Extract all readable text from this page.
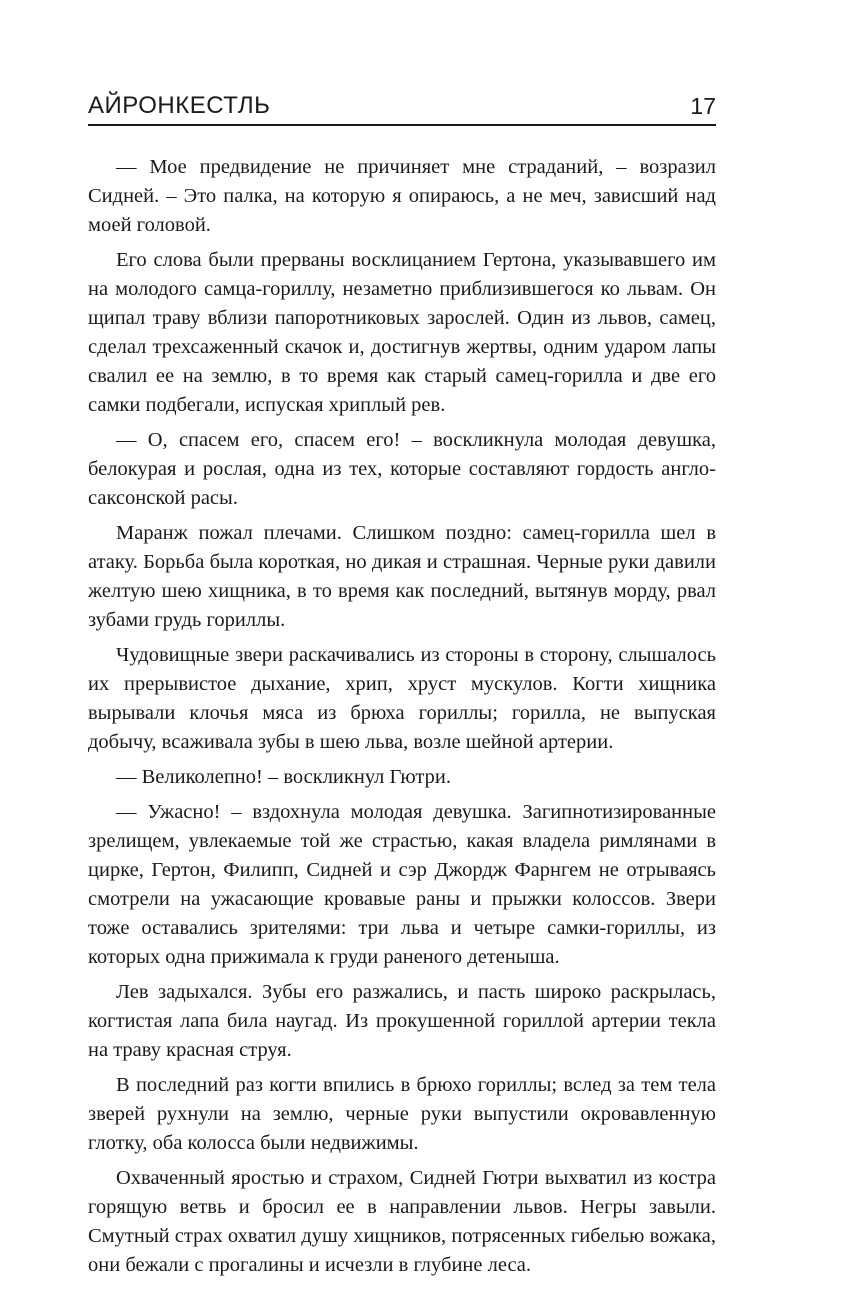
АЙРОНКЕСТЛЬ	17

— Мое предвидение не причиняет мне страданий, – возразил Сидней. – Это палка, на которую я опираюсь, а не меч, зависший над моей головой.

Его слова были прерваны восклицанием Гертона, указывавшего им на молодого самца-гориллу, незаметно приблизившегося ко львам. Он щипал траву вблизи папоротниковых зарослей. Один из львов, самец, сделал трехсаженный скачок и, достигнув жертвы, одним ударом лапы свалил ее на землю, в то время как старый самец-горилла и две его самки подбегали, испуская хриплый рев.

— О, спасем его, спасем его! – воскликнула молодая девушка, белокурая и рослая, одна из тех, которые составляют гордость англо-саксонской расы.

Маранж пожал плечами. Слишком поздно: самец-горилла шел в атаку. Борьба была короткая, но дикая и страшная. Черные руки давили желтую шею хищника, в то время как последний, вытянув морду, рвал зубами грудь гориллы.

Чудовищные звери раскачивались из стороны в сторону, слышалось их прерывистое дыхание, хрип, хруст мускулов. Когти хищника вырывали клочья мяса из брюха гориллы; горилла, не выпуская добычу, всаживала зубы в шею льва, возле шейной артерии.

— Великолепно! – воскликнул Гютри.

— Ужасно! – вздохнула молодая девушка. Загипнотизированные зрелищем, увлекаемые той же страстью, какая владела римлянами в цирке, Гертон, Филипп, Сидней и сэр Джордж Фарнгем не отрываясь смотрели на ужасающие кровавые раны и прыжки колоссов. Звери тоже оставались зрителями: три льва и четыре самки-гориллы, из которых одна прижимала к груди раненого детеныша.

Лев задыхался. Зубы его разжались, и пасть широко раскрылась, когтистая лапа била наугад. Из прокушенной гориллой артерии текла на траву красная струя.

В последний раз когти впились в брюхо гориллы; вслед за тем тела зверей рухнули на землю, черные руки выпустили окровавленную глотку, оба колосса были недвижимы.

Охваченный яростью и страхом, Сидней Гютри выхватил из костра горящую ветвь и бросил ее в направлении львов. Негры завыли. Смутный страх охватил душу хищников, потрясенных гибелью вожака, они бежали с прогалины и исчезли в глубине леса.
